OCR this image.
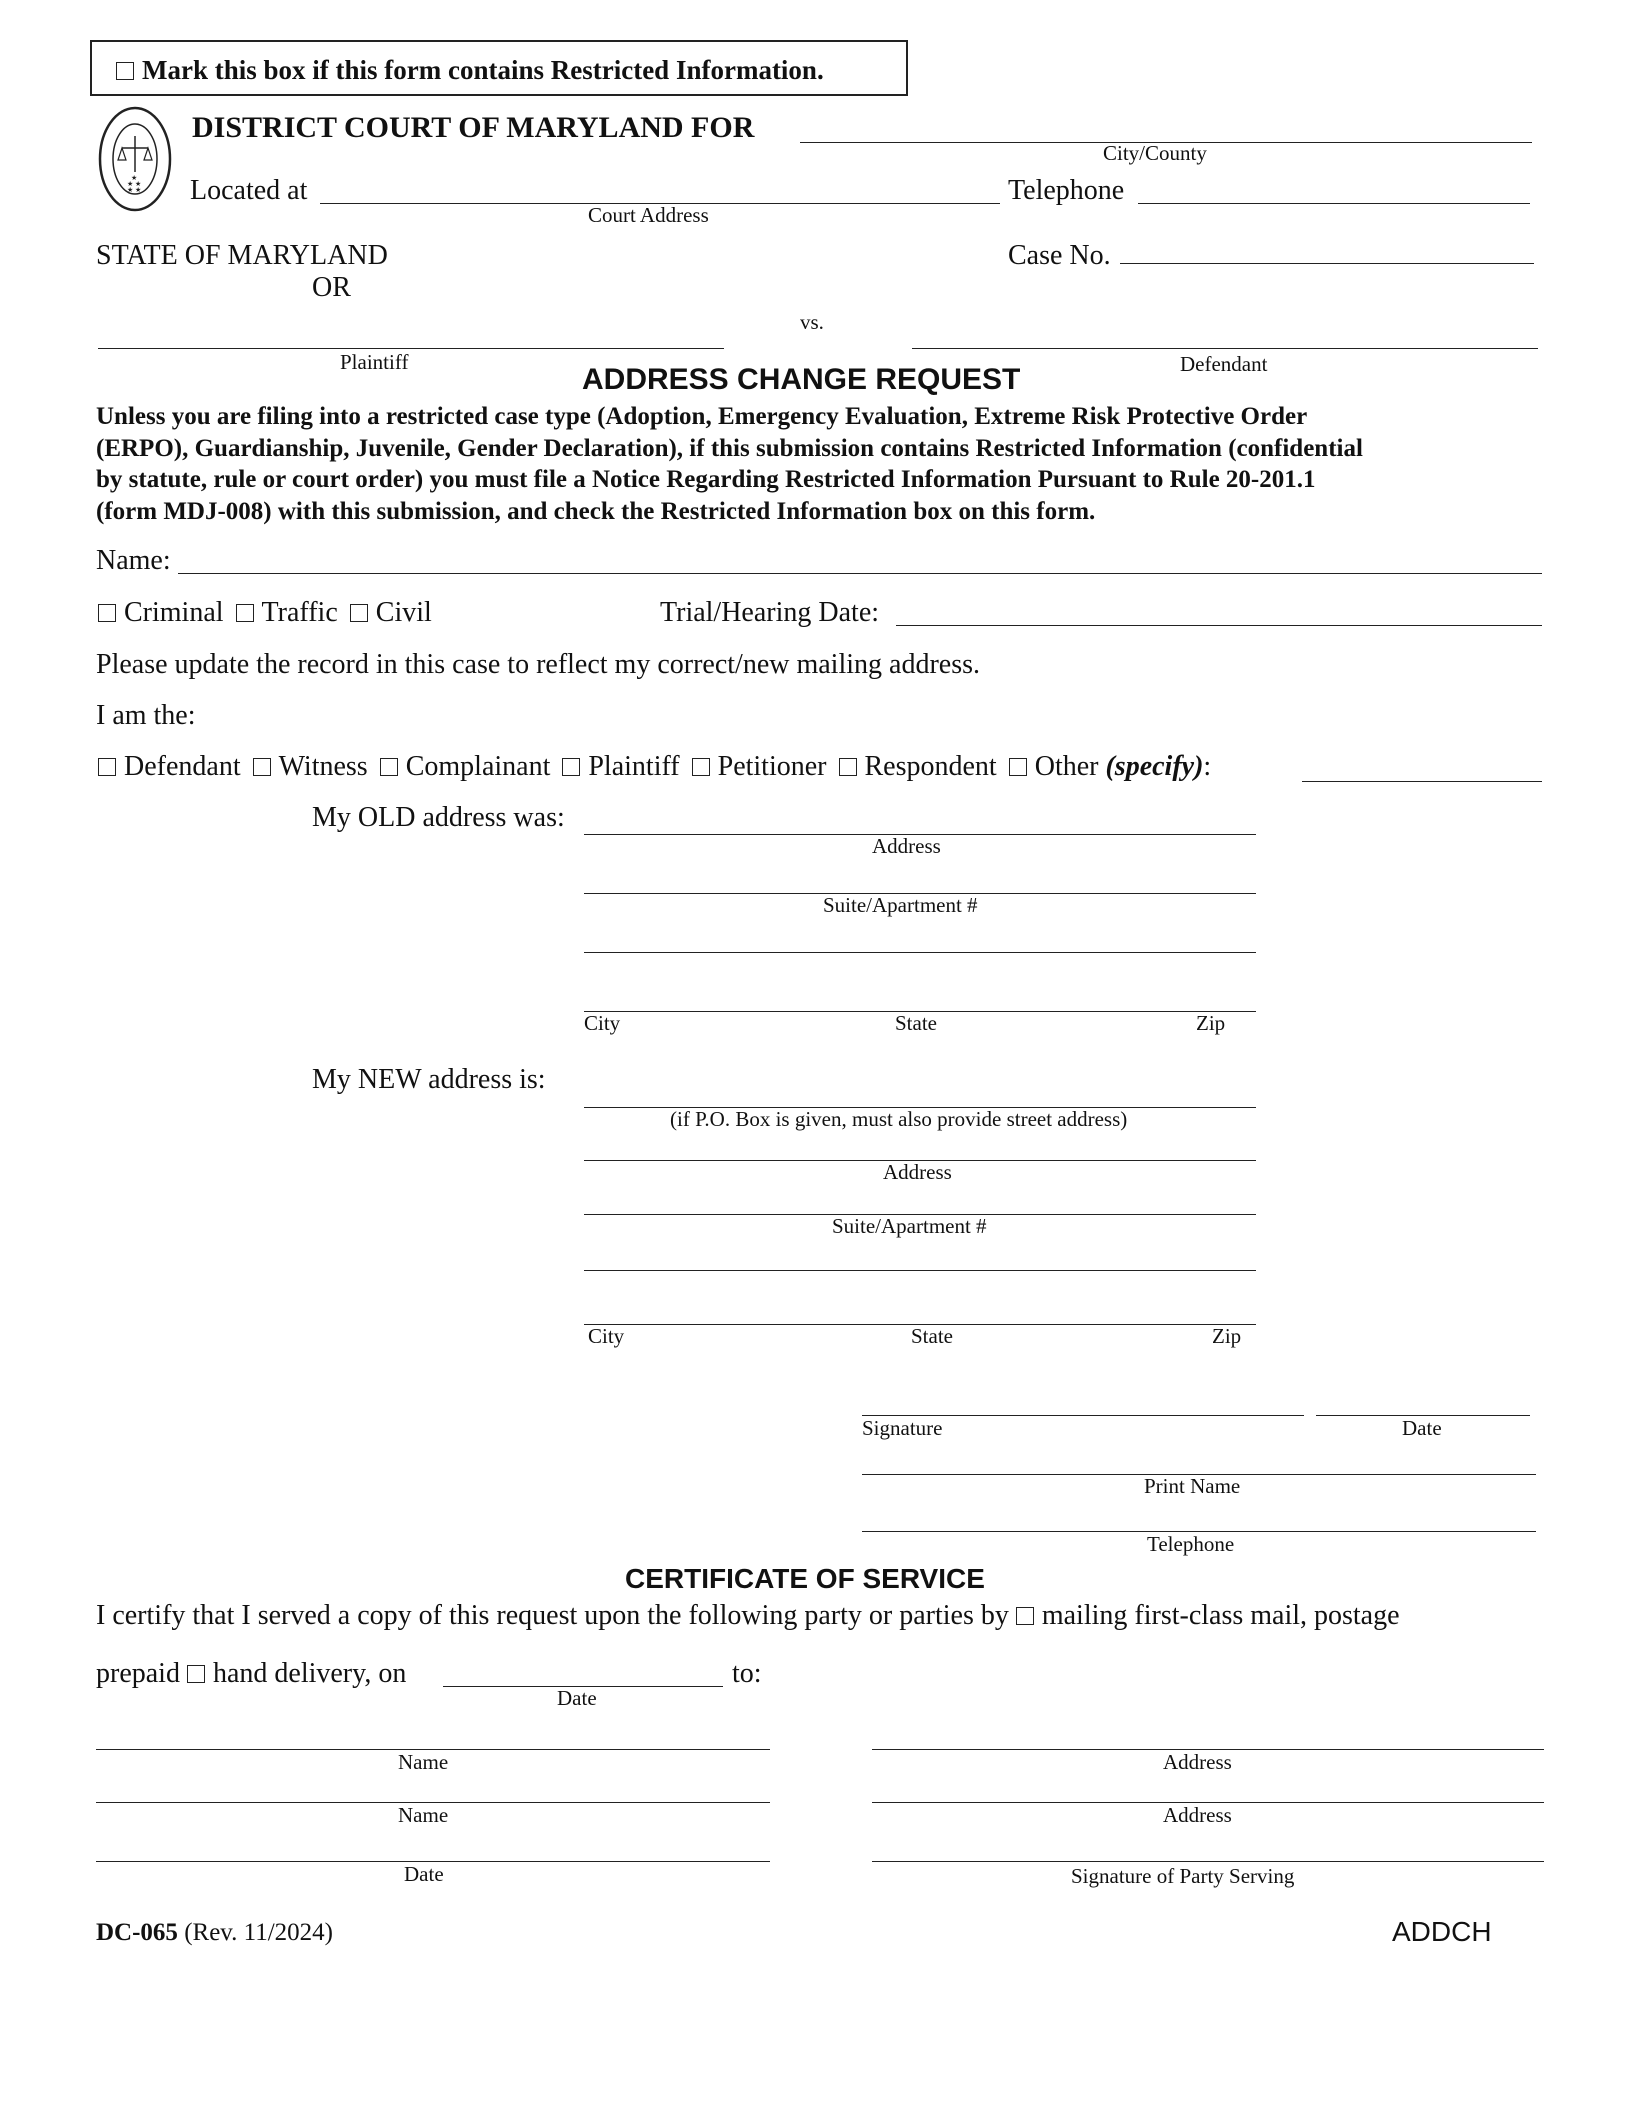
Mark this box if this form contains Restricted Information.
★ ★
★
★ ★
DISTRICT COURT OF MARYLAND FOR
City/County
Located at
Court Address
Telephone
STATE OF MARYLAND
OR
Case No.
vs.
Plaintiff	Defendant
ADDRESS CHANGE REQUEST
Unless you are filing into a restricted case type (Adoption, Emergency Evaluation, Extreme Risk Protective Order
(ERPO), Guardianship, Juvenile, Gender Declaration), if this submission contains Restricted Information (confidential
by statute, rule or court order) you must file a Notice Regarding Restricted Information Pursuant to Rule 20-201.1
(form MDJ-008) with this submission, and check the Restricted Information box on this form.
Name:
Criminal Traffic Civil	Trial/Hearing Date:
Please update the record in this case to reflect my correct/new mailing address.
I am the:
Defendant Witness Complainant Plaintiff Petitioner Respondent Other (specify):
My OLD address was:
Address
Suite/Apartment #
City	State	Zip
My NEW address is:
(if P.O. Box is given, must also provide street address)
Address
Suite/Apartment #
City	State	Zip
Signature	Date
Print Name
Telephone
CERTIFICATE OF SERVICE
I certify that I served a copy of this request upon the following party or parties by mailing first-class mail, postage
prepaid hand delivery, on	to:
Date
Name	Address
Name	Address
Date	Signature of Party Serving
DC-065 (Rev. 11/2024)	ADDCH
